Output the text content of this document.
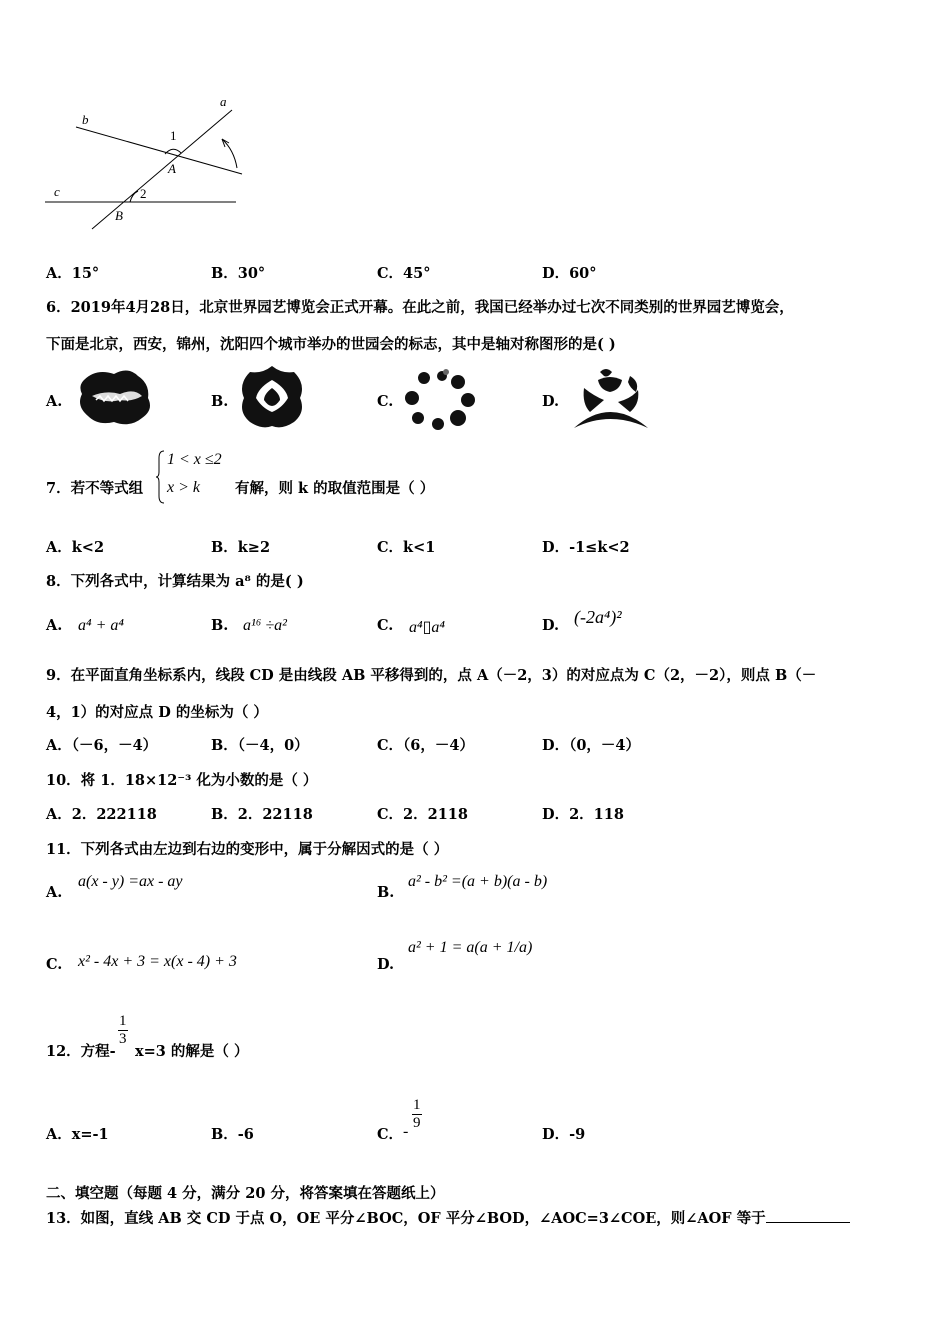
a
b
c
1
2
A
B
A．15°	B．30°	C．45°	D．60°
6．2019年4月28日，北京世界园艺博览会正式开幕。在此之前，我国已经举办过七次不同类别的世界园艺博览会，
下面是北京，西安，锦州，沈阳四个城市举办的世园会的标志，其中是轴对称图形的是( )
A.	B.	C.	D.
7．若不等式组
1 < x ≤2
x > k 有解，则 k 的取值范围是（ ）
A．k<2	B．k≥2	C．k<1	D．-1≤k<2
8．下列各式中，计算结果为 a⁸ 的是( )
A. a⁴ + a⁴	B. a¹⁶ ÷a²	C. a⁴▯a⁴	D. (-2a⁴)²
9．在平面直角坐标系内，线段 CD 是由线段 AB 平移得到的，点 A（－2，3）的对应点为 C（2，－2），则点 B（－
4，1）的对应点 D 的坐标为（ ）
A．（－6，－4）	B．（－4，0）	C．（6，－4）	D．（0，－4）
10．将 1．18×12⁻³ 化为小数的是（ ）
A．2．222118	B．2．22118	C．2．2118	D．2．118
11．下列各式由左边到右边的变形中，属于分解因式的是（ ）
A.
a(x - y) =ax - ay
B.
a² - b² =(a + b)(a - b)
C. x² - 4x + 3 = x(x - 4) + 3	D.
a² + 1 = a(a + 1/a)
12．方程-
$\frac{1}{3}$
x=3 的解是（ ）
A．x=-1	B．-6	C． - $\frac{1}{9}$
D．-9
二、填空题（每题 4 分，满分 20 分，将答案填在答题纸上）
13．如图，直线 AB 交 CD 于点 O，OE 平分∠BOC，OF 平分∠BOD，∠AOC=3∠COE，则∠AOF 等于
